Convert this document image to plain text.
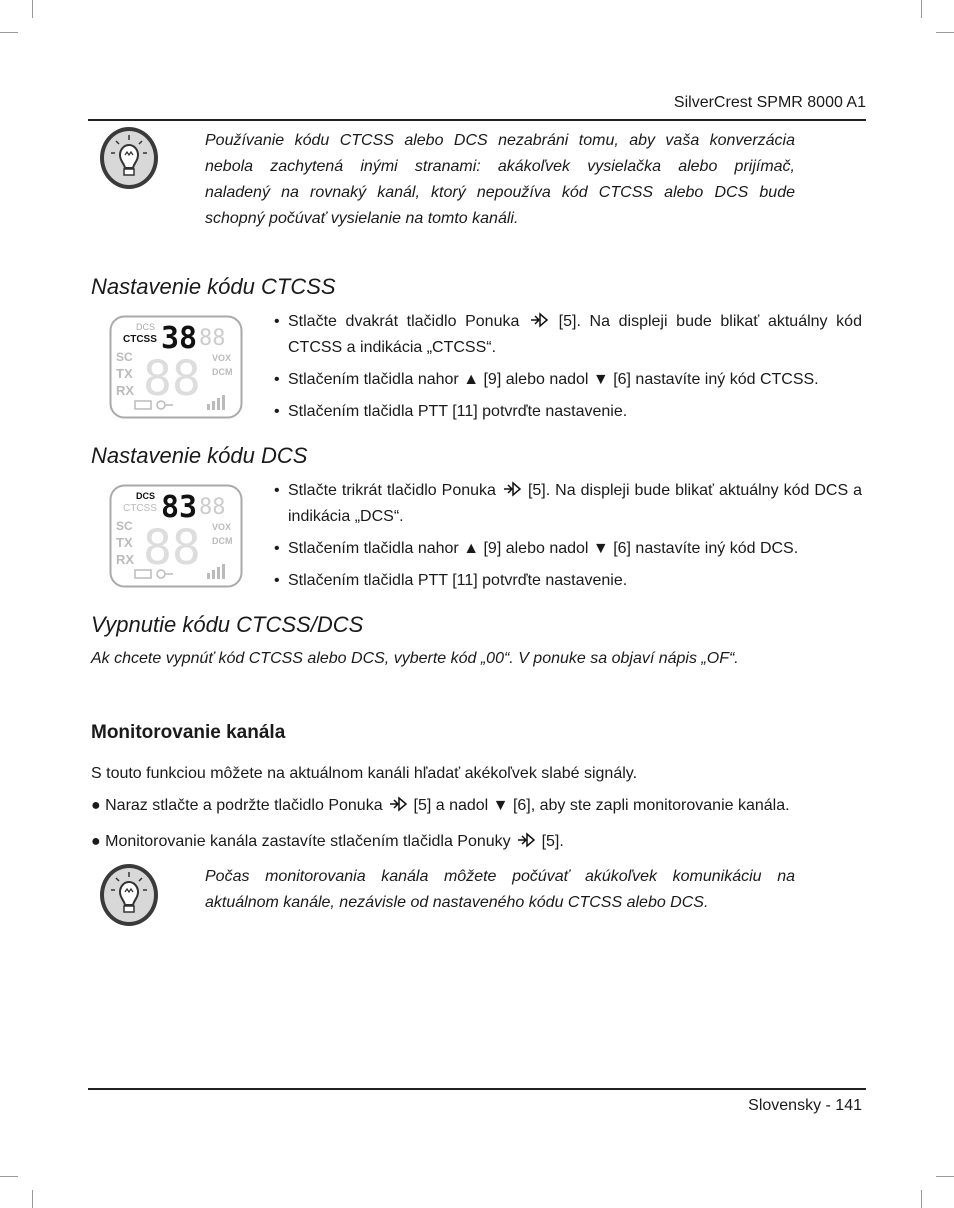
SilverCrest SPMR 8000 A1

Používanie kódu CTCSS alebo DCS nezabráni tomu, aby vaša konverzácia

nebola zachytená inými stranami: akákoľvek vysielačka alebo prijímač,

naladený na rovnaký kanál, ktorý nepoužíva kód CTCSS alebo DCS bude

schopný počúvať vysielanie na tomto kanáli.

Nastavenie kódu CTCSS
DCS
CTCSS 38 88
SC
TX
RX 88 VOX
DCM
• Stlačte dvakrát tlačidlo Ponuka [5]. Na displeji bude blikať aktuálny kód CTCSS a indikácia „CTCSS“.
• Stlačením tlačidla nahor ▲ [9] alebo nadol ▼ [6] nastavíte iný kód CTCSS.
• Stlačením tlačidla PTT [11] potvrďte nastavenie.
Nastavenie kódu DCS
DCS
CTCSS 83 88
SC
TX
RX 88 VOX
DCM
• Stlačte trikrát tlačidlo Ponuka [5]. Na displeji bude blikať aktuálny kód DCS a indikácia „DCS“.
• Stlačením tlačidla nahor ▲ [9] alebo nadol ▼ [6] nastavíte iný kód DCS.
• Stlačením tlačidla PTT [11] potvrďte nastavenie.
Vypnutie kódu CTCSS/DCS
Ak chcete vypnúť kód CTCSS alebo DCS, vyberte kód „00“. V ponuke sa objaví nápis „OF“.
Monitorovanie kanála
S touto funkciou môžete na aktuálnom kanáli hľadať akékoľvek slabé signály.
● Naraz stlačte a podržte tlačidlo Ponuka [5] a nadol ▼ [6], aby ste zapli monitorovanie kanála.
● Monitorovanie kanála zastavíte stlačením tlačidla Ponuky [5].

Počas monitorovania kanála môžete počúvať akúkoľvek komunikáciu na

aktuálnom kanále, nezávisle od nastaveného kódu CTCSS alebo DCS.

Slovensky - 141
